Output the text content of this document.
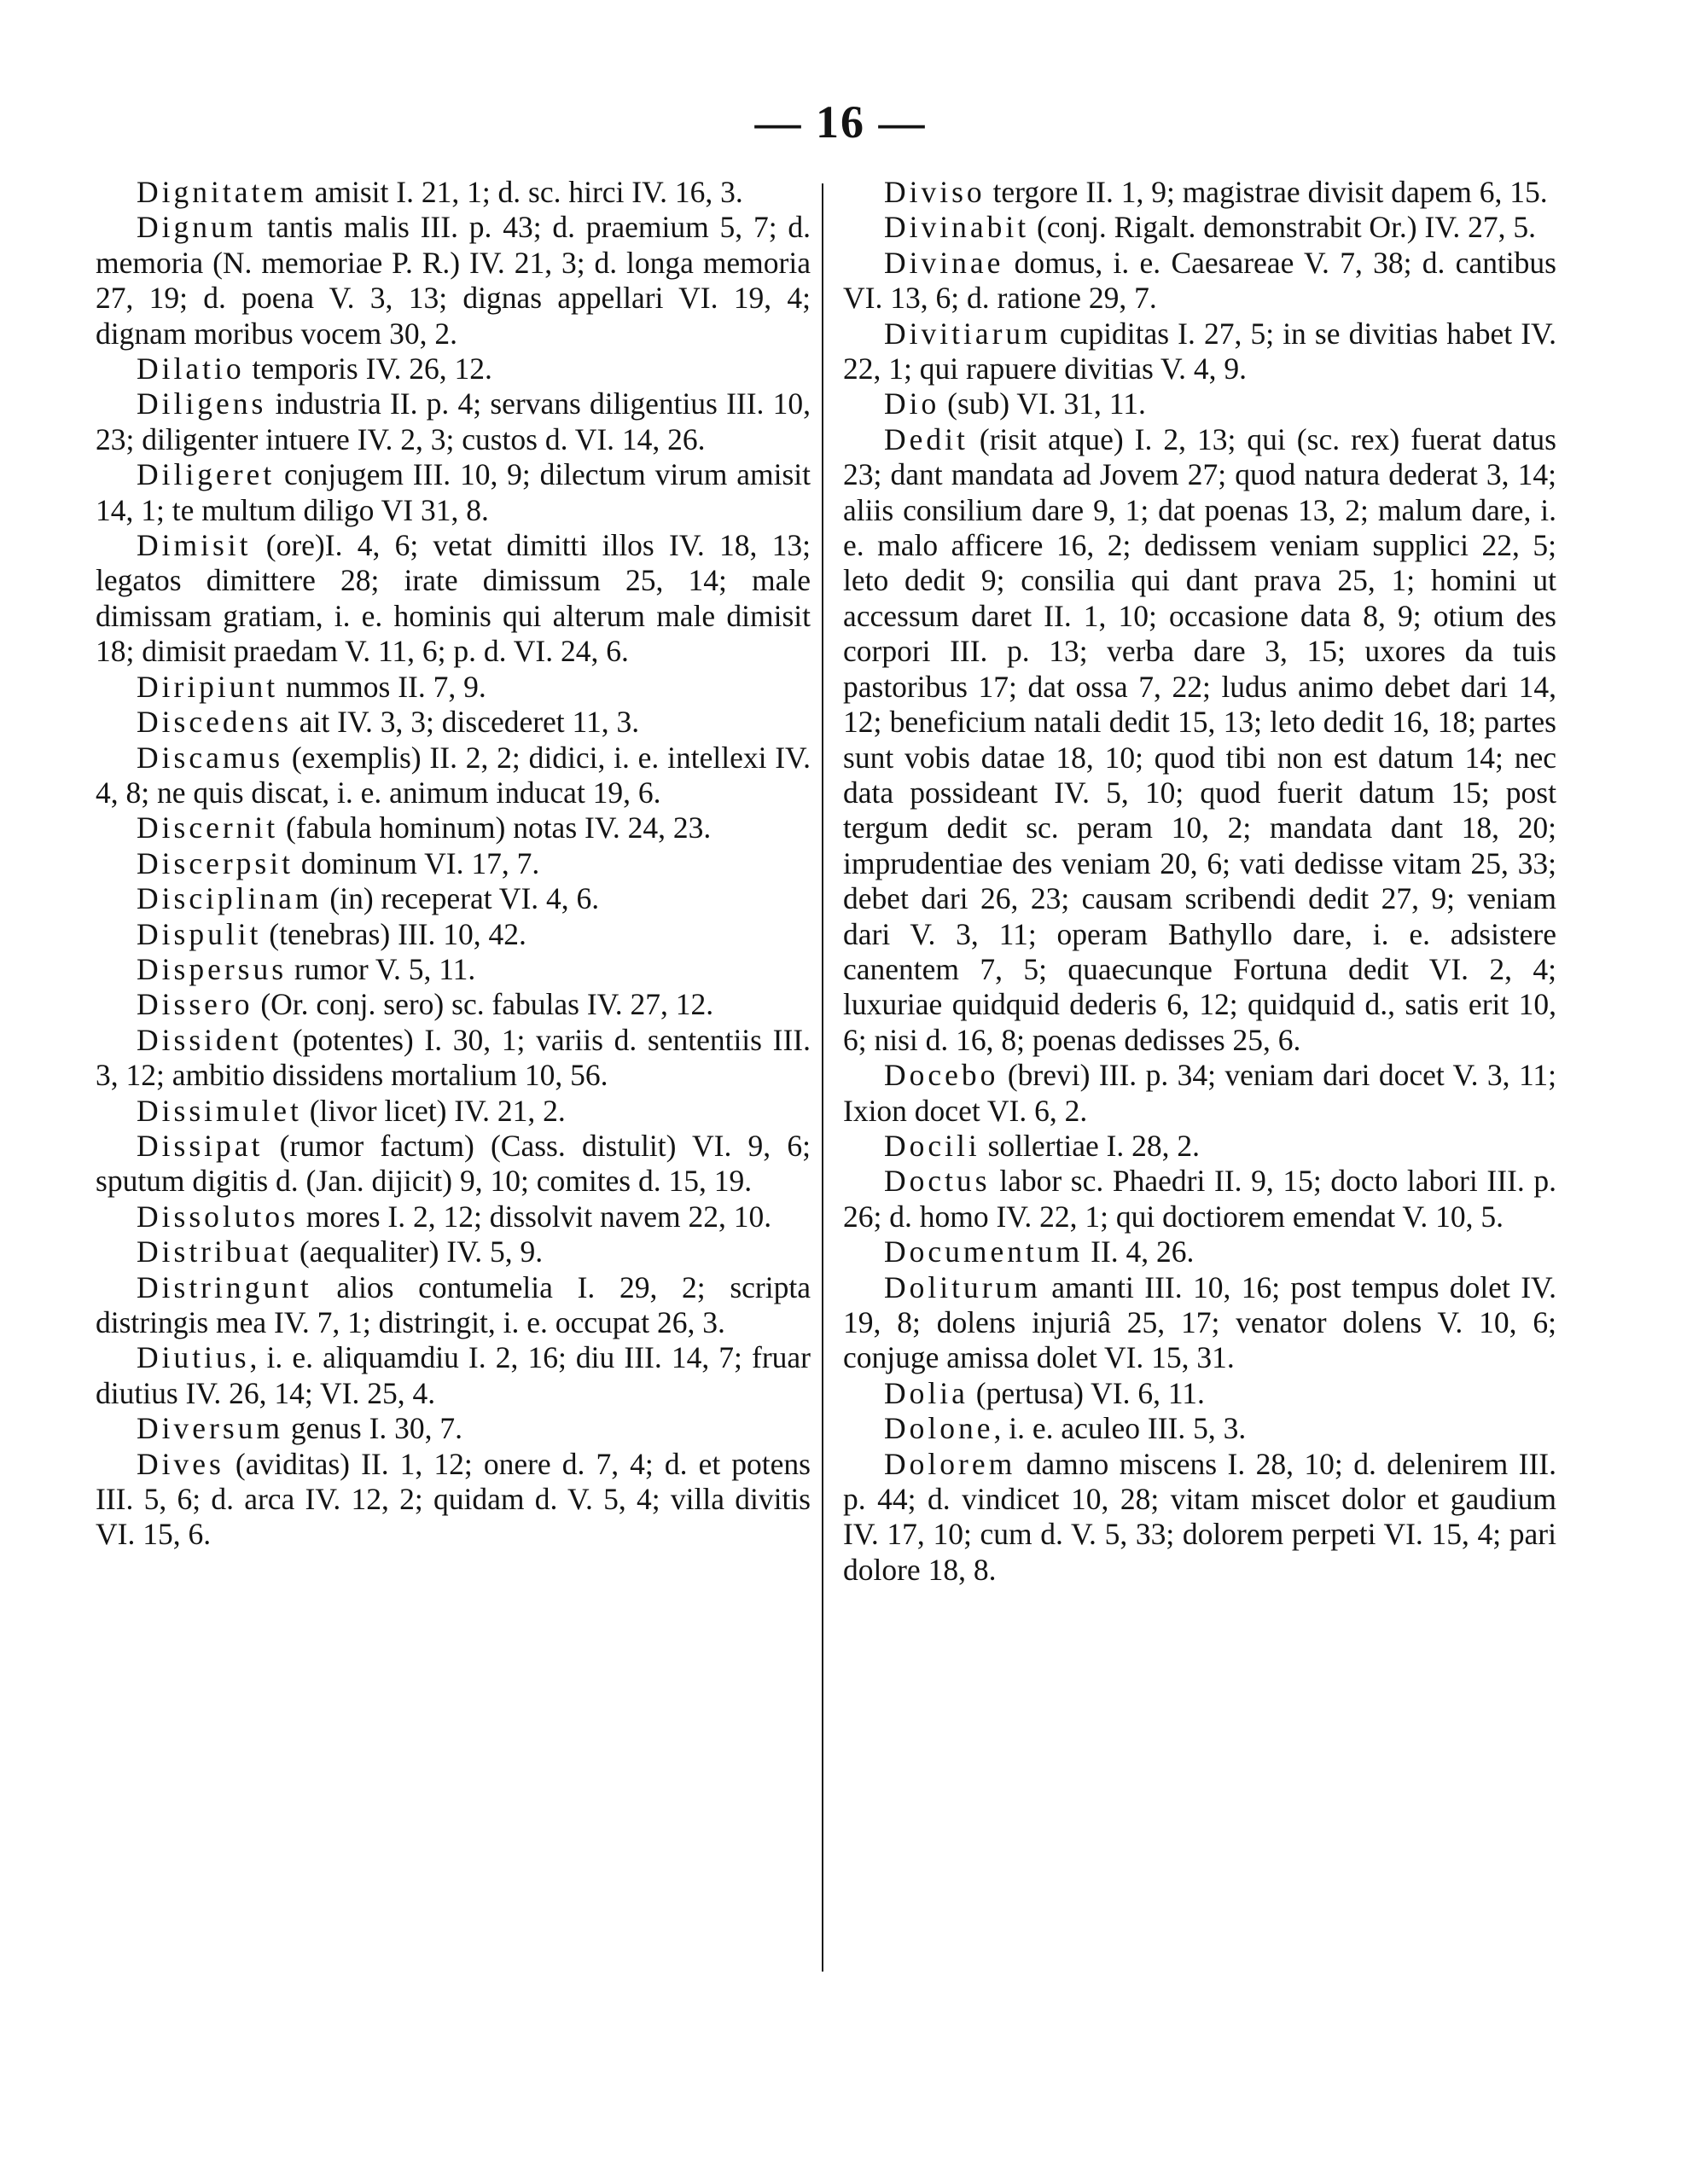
— 16 —

Dignitatem amisit I. 21, 1; d. sc. hirci IV. 16, 3.

Dignum tantis malis III. p. 43; d. praemium 5, 7; d. memoria (N. memoriae P. R.) IV. 21, 3; d. longa memoria 27, 19; d. poena V. 3, 13; dignas appellari VI. 19, 4; dignam moribus vocem 30, 2.

Dilatio temporis IV. 26, 12.

Diligens industria II. p. 4; servans diligentius III. 10, 23; diligenter intuere IV. 2, 3; custos d. VI. 14, 26.

Diligeret conjugem III. 10, 9; dilectum virum amisit 14, 1; te multum diligo VI 31, 8.

Dimisit (ore)I. 4, 6; vetat dimitti illos IV. 18, 13; legatos dimittere 28; irate dimissum 25, 14; male dimissam gratiam, i. e. hominis qui alterum male dimisit 18; dimisit praedam V. 11, 6; p. d. VI. 24, 6.

Diripiunt nummos II. 7, 9.

Discedens ait IV. 3, 3; discederet 11, 3.

Discamus (exemplis) II. 2, 2; didici, i. e. intellexi IV. 4, 8; ne quis discat, i. e. animum inducat 19, 6.

Discernit (fabula hominum) notas IV. 24, 23.

Discerpsit dominum VI. 17, 7.

Disciplinam (in) receperat VI. 4, 6.

Dispulit (tenebras) III. 10, 42.

Dispersus rumor V. 5, 11.

Dissero (Or. conj. sero) sc. fabulas IV. 27, 12.

Dissident (potentes) I. 30, 1; variis d. sententiis III. 3, 12; ambitio dissidens mortalium 10, 56.

Dissimulet (livor licet) IV. 21, 2.

Dissipat (rumor factum) (Cass. distulit) VI. 9, 6; sputum digitis d. (Jan. dijicit) 9, 10; comites d. 15, 19.

Dissolutos mores I. 2, 12; dissolvit navem 22, 10.

Distribuat (aequaliter) IV. 5, 9.

Distringunt alios contumelia I. 29, 2; scripta distringis mea IV. 7, 1; distringit, i. e. occupat 26, 3.

Diutius, i. e. aliquamdiu I. 2, 16; diu III. 14, 7; fruar diutius IV. 26, 14; VI. 25, 4.

Diversum genus I. 30, 7.

Dives (aviditas) II. 1, 12; onere d. 7, 4; d. et potens III. 5, 6; d. arca IV. 12, 2; quidam d. V. 5, 4; villa divitis VI. 15, 6.

Diviso tergore II. 1, 9; magistrae divisit dapem 6, 15.

Divinabit (conj. Rigalt. demonstrabit Or.) IV. 27, 5.

Divinae domus, i. e. Caesareae V. 7, 38; d. cantibus VI. 13, 6; d. ratione 29, 7.

Divitiarum cupiditas I. 27, 5; in se divitias habet IV. 22, 1; qui rapuere divitias V. 4, 9.

Dio (sub) VI. 31, 11.

Dedit (risit atque) I. 2, 13; qui (sc. rex) fuerat datus 23; dant mandata ad Jovem 27; quod natura dederat 3, 14; aliis consilium dare 9, 1; dat poenas 13, 2; malum dare, i. e. malo afficere 16, 2; dedissem veniam supplici 22, 5; leto dedit 9; consilia qui dant prava 25, 1; homini ut accessum daret II. 1, 10; occasione data 8, 9; otium des corpori III. p. 13; verba dare 3, 15; uxores da tuis pastoribus 17; dat ossa 7, 22; ludus animo debet dari 14, 12; beneficium natali dedit 15, 13; leto dedit 16, 18; partes sunt vobis datae 18, 10; quod tibi non est datum 14; nec data possideant IV. 5, 10; quod fuerit datum 15; post tergum dedit sc. peram 10, 2; mandata dant 18, 20; imprudentiae des veniam 20, 6; vati dedisse vitam 25, 33; debet dari 26, 23; causam scribendi dedit 27, 9; veniam dari V. 3, 11; operam Bathyllo dare, i. e. adsistere canentem 7, 5; quaecunque Fortuna dedit VI. 2, 4; luxuriae quidquid dederis 6, 12; quidquid d., satis erit 10, 6; nisi d. 16, 8; poenas dedisses 25, 6.

Docebo (brevi) III. p. 34; veniam dari docet V. 3, 11; Ixion docet VI. 6, 2.

Docili sollertiae I. 28, 2.

Doctus labor sc. Phaedri II. 9, 15; docto labori III. p. 26; d. homo IV. 22, 1; qui doctiorem emendat V. 10, 5.

Documentum II. 4, 26.

Doliturum amanti III. 10, 16; post tempus dolet IV. 19, 8; dolens injuriâ 25, 17; venator dolens V. 10, 6; conjuge amissa dolet VI. 15, 31.

Dolia (pertusa) VI. 6, 11.

Dolone, i. e. aculeo III. 5, 3.

Dolorem damno miscens I. 28, 10; d. delenirem III. p. 44; d. vindicet 10, 28; vitam miscet dolor et gaudium IV. 17, 10; cum d. V. 5, 33; dolorem perpeti VI. 15, 4; pari dolore 18, 8.
